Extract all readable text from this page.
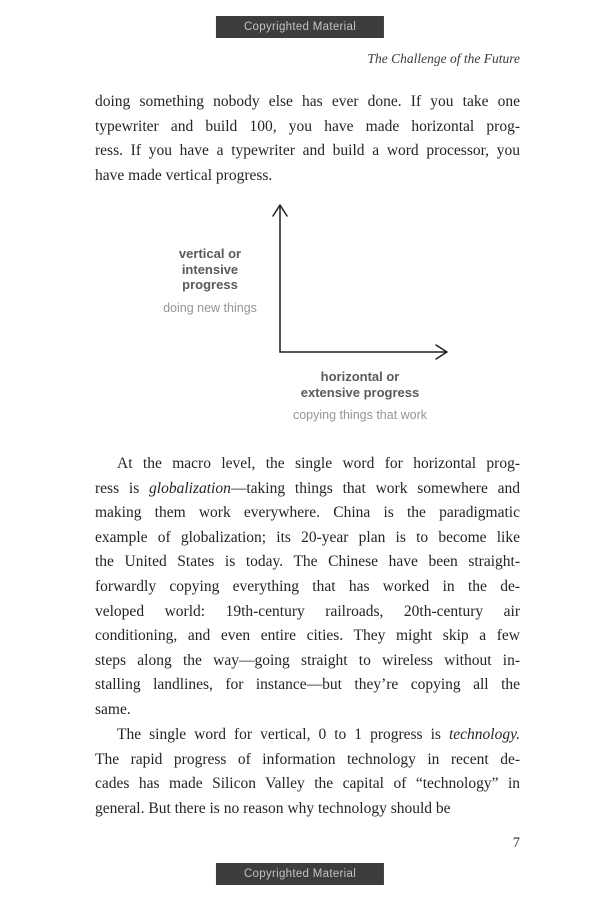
Copyrighted Material
The Challenge of the Future
doing something nobody else has ever done. If you take one
typewriter and build 100, you have made horizontal prog-
ress. If you have a typewriter and build a word processor, you
have made vertical progress.
vertical or
intensive
progress
doing new things
horizontal or
extensive progress
copying things that work
At the macro level, the single word for horizontal prog-
ress is globalization—taking things that work somewhere and
making them work everywhere. China is the paradigmatic
example of globalization; its 20-year plan is to become like
the United States is today. The Chinese have been straight-
forwardly copying everything that has worked in the de-
veloped world: 19th-century railroads, 20th-century air
conditioning, and even entire cities. They might skip a few
steps along the way—going straight to wireless without in-
stalling landlines, for instance—but they’re copying all the
same.
The single word for vertical, 0 to 1 progress is technology.
The rapid progress of information technology in recent de-
cades has made Silicon Valley the capital of “technology” in
general. But there is no reason why technology should be
7
Copyrighted Material
